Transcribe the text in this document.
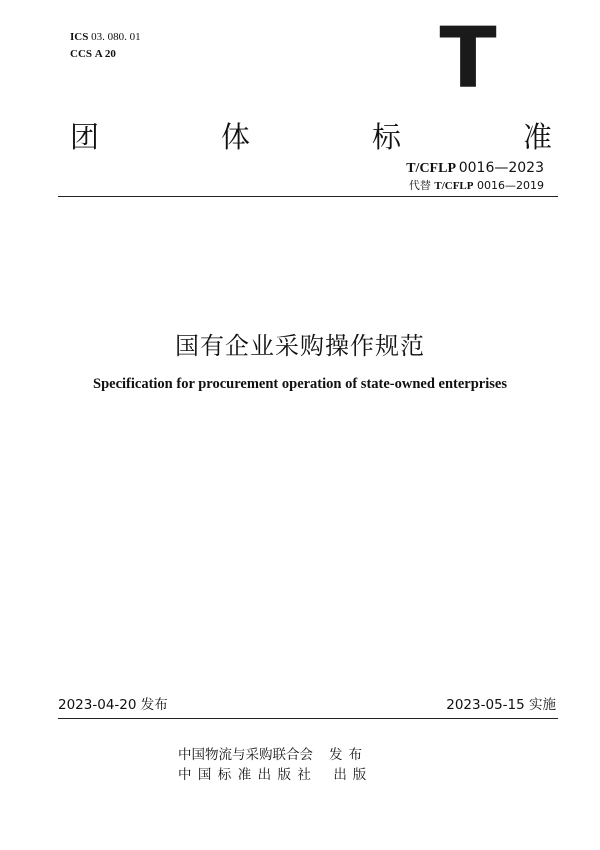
ICS 03. 080. 01
CCS A 20	T
团	体	标	准
T/CFLP 0016—2023
代替 T/CFLP 0016—2019
国有企业采购操作规范
Specification for procurement operation of state-owned enterprises
2023-04-20 发布	2023-05-15 实施
中国物流与采购联合会 发布
中国标准出版社 出版
